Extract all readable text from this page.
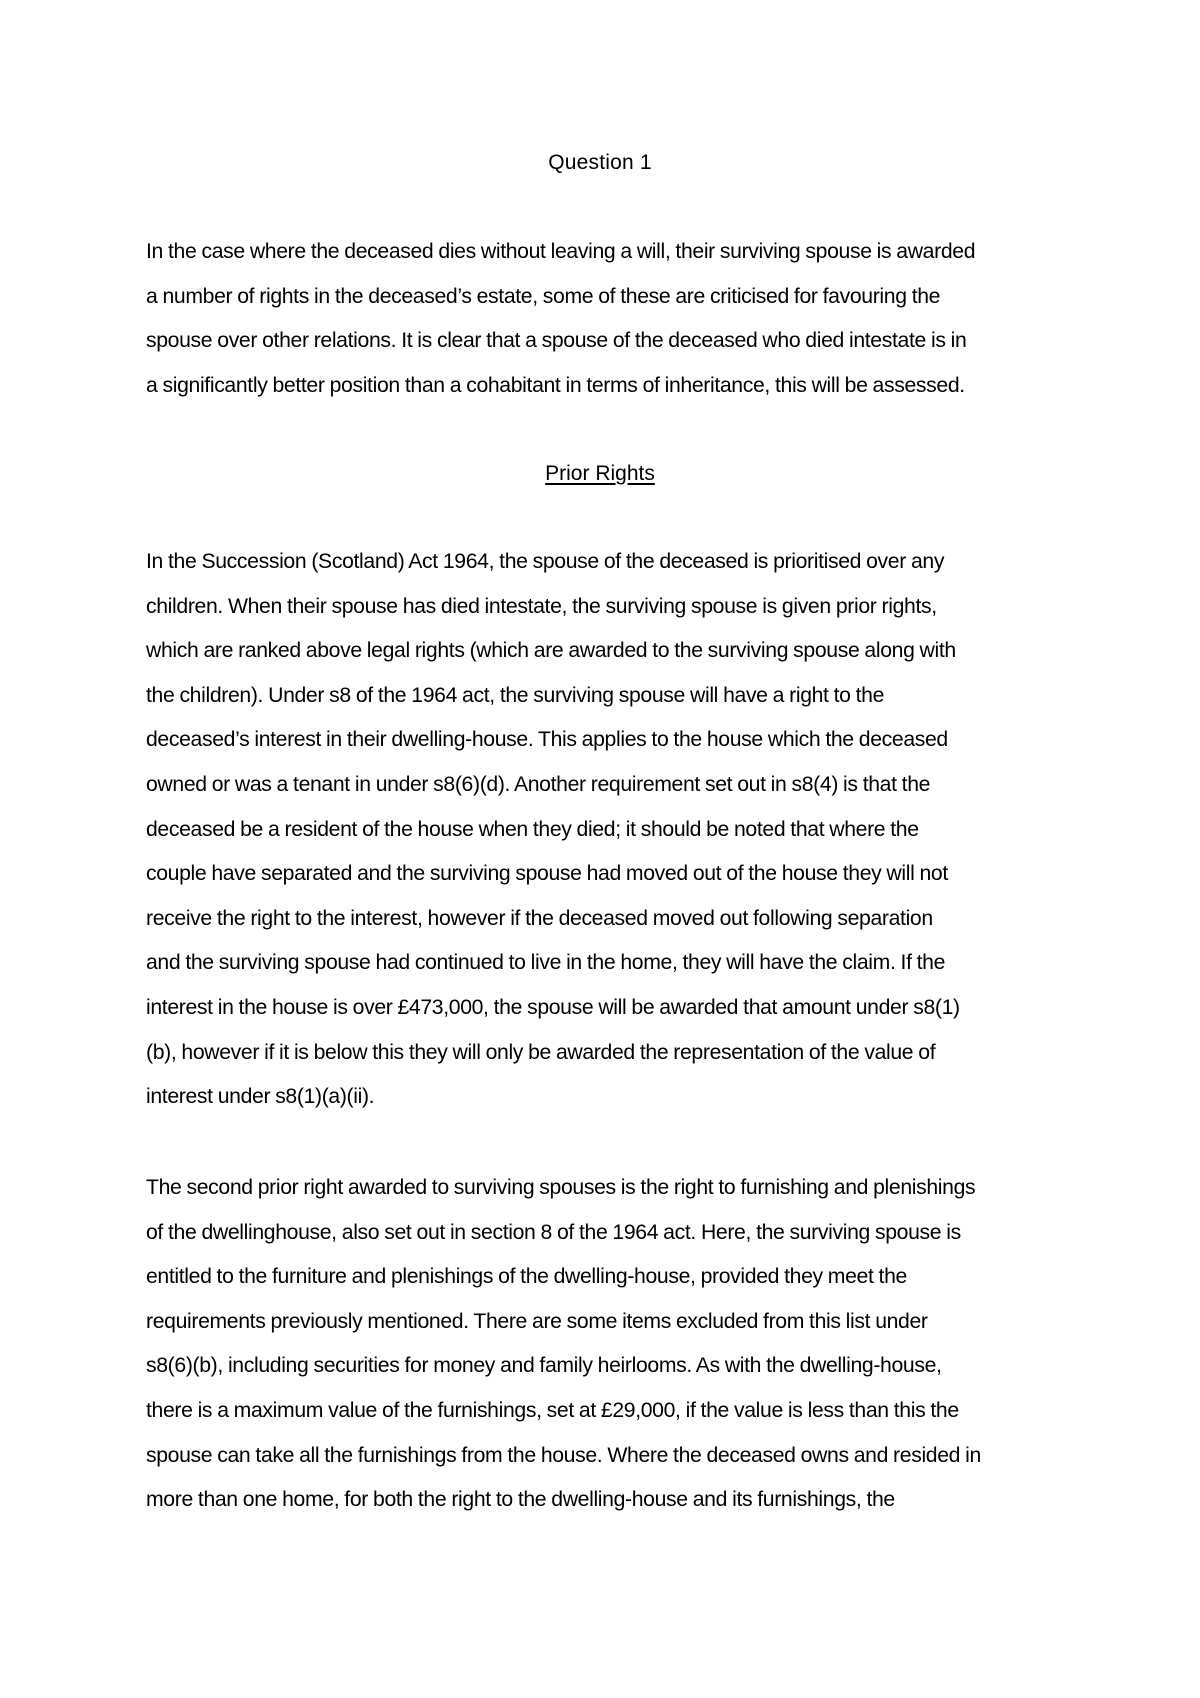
Question 1

In the case where the deceased dies without leaving a will, their surviving spouse is awarded
a number of rights in the deceased’s estate, some of these are criticised for favouring the
spouse over other relations. It is clear that a spouse of the deceased who died intestate is in
a significantly better position than a cohabitant in terms of inheritance, this will be assessed.

Prior Rights

In the Succession (Scotland) Act 1964, the spouse of the deceased is prioritised over any
children. When their spouse has died intestate, the surviving spouse is given prior rights,
which are ranked above legal rights (which are awarded to the surviving spouse along with
the children). Under s8 of the 1964 act, the surviving spouse will have a right to the
deceased’s interest in their dwelling-house. This applies to the house which the deceased
owned or was a tenant in under s8(6)(d). Another requirement set out in s8(4) is that the
deceased be a resident of the house when they died; it should be noted that where the
couple have separated and the surviving spouse had moved out of the house they will not
receive the right to the interest, however if the deceased moved out following separation
and the surviving spouse had continued to live in the home, they will have the claim. If the
interest in the house is over £473,000, the spouse will be awarded that amount under s8(1)
(b), however if it is below this they will only be awarded the representation of the value of
interest under s8(1)(a)(ii).

The second prior right awarded to surviving spouses is the right to furnishing and plenishings
of the dwellinghouse, also set out in section 8 of the 1964 act. Here, the surviving spouse is
entitled to the furniture and plenishings of the dwelling-house, provided they meet the
requirements previously mentioned. There are some items excluded from this list under
s8(6)(b), including securities for money and family heirlooms. As with the dwelling-house,
there is a maximum value of the furnishings, set at £29,000, if the value is less than this the
spouse can take all the furnishings from the house. Where the deceased owns and resided in
more than one home, for both the right to the dwelling-house and its furnishings, the
